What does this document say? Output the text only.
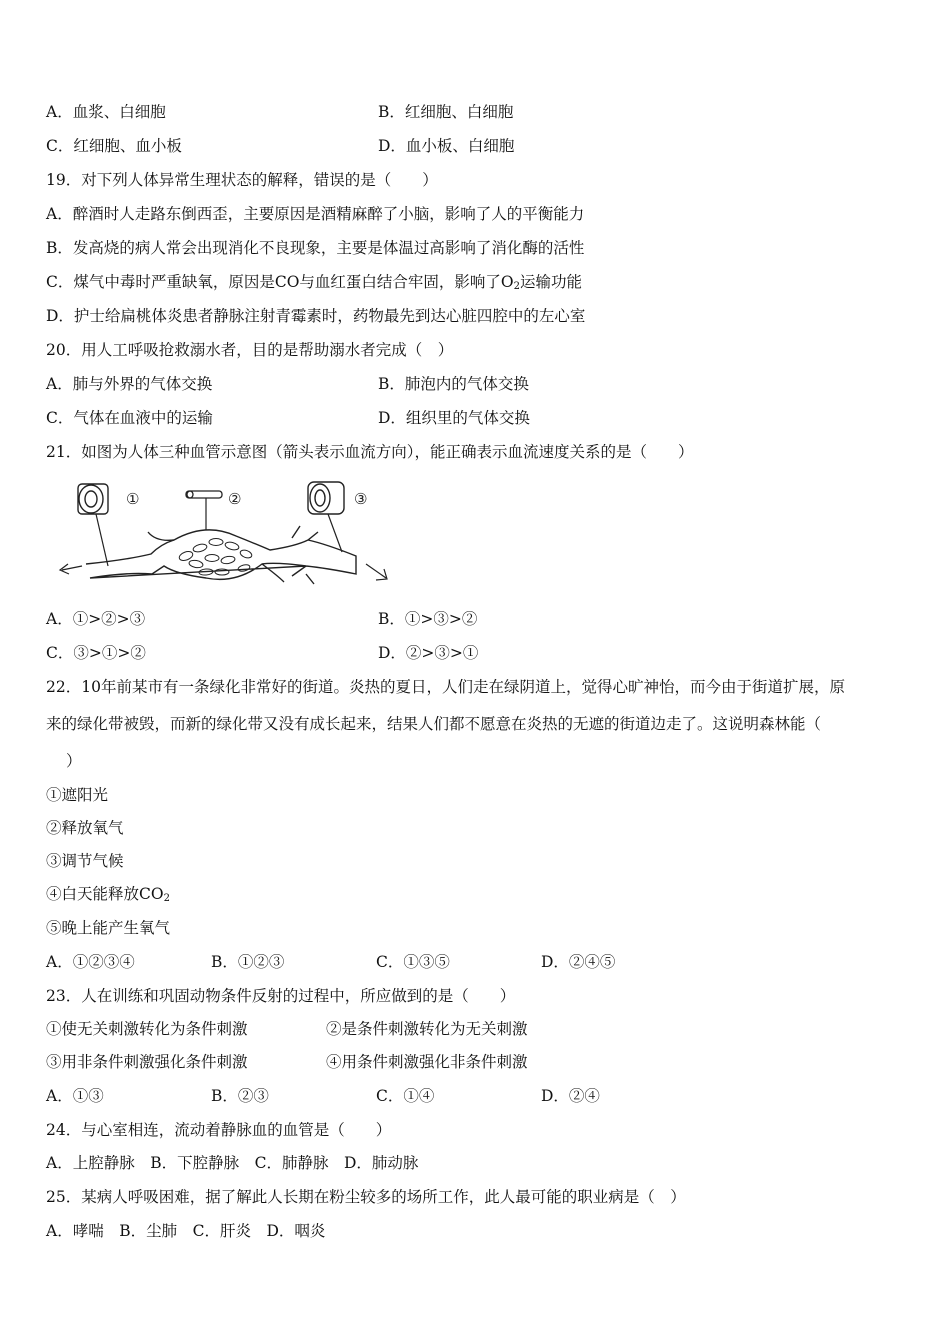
A．血浆、白细胞	B．红细胞、白细胞
C．红细胞、血小板	D．血小板、白细胞
19．对下列人体异常生理状态的解释，错误的是（　　）
A．醉酒时人走路东倒西歪，主要原因是酒精麻醉了小脑，影响了人的平衡能力
B．发高烧的病人常会出现消化不良现象，主要是体温过高影响了消化酶的活性
C．煤气中毒时严重缺氧，原因是CO与血红蛋白结合牢固，影响了$O_2$运输功能
D．护士给扁桃体炎患者静脉注射青霉素时，药物最先到达心脏四腔中的左心室
20．用人工呼吸抢救溺水者，目的是帮助溺水者完成（　）
A．肺与外界的气体交换	B．肺泡内的气体交换
C．气体在血液中的运输	D．组织里的气体交换
21．如图为人体三种血管示意图（箭头表示血流方向），能正确表示血流速度关系的是（　　）
①	②	③
A．①>②>③	B．①>③>②
C．③>①>②	D．②>③>①
22．10年前某市有一条绿化非常好的街道。炎热的夏日，人们走在绿阴道上，觉得心旷神怡，而今由于街道扩展，原
来的绿化带被毁，而新的绿化带又没有成长起来，结果人们都不愿意在炎热的无遮的街道边走了。这说明森林能（
）
①遮阳光
②释放氧气
③调节气候
④白天能释放$CO_2$
⑤晚上能产生氧气
A．①②③④	B．①②③	C．①③⑤	D．②④⑤
23．人在训练和巩固动物条件反射的过程中，所应做到的是（　　）
①使无关刺激转化为条件刺激	②是条件刺激转化为无关刺激
③用非条件刺激强化条件刺激	④用条件刺激强化非条件刺激
A．①③	B．②③	C．①④	D．②④
24．与心室相连，流动着静脉血的血管是（　　）
A．上腔静脉　B．下腔静脉　C．肺静脉　D．肺动脉
25．某病人呼吸困难，据了解此人长期在粉尘较多的场所工作，此人最可能的职业病是（　）
A．哮喘　B．尘肺　C．肝炎　D．咽炎
